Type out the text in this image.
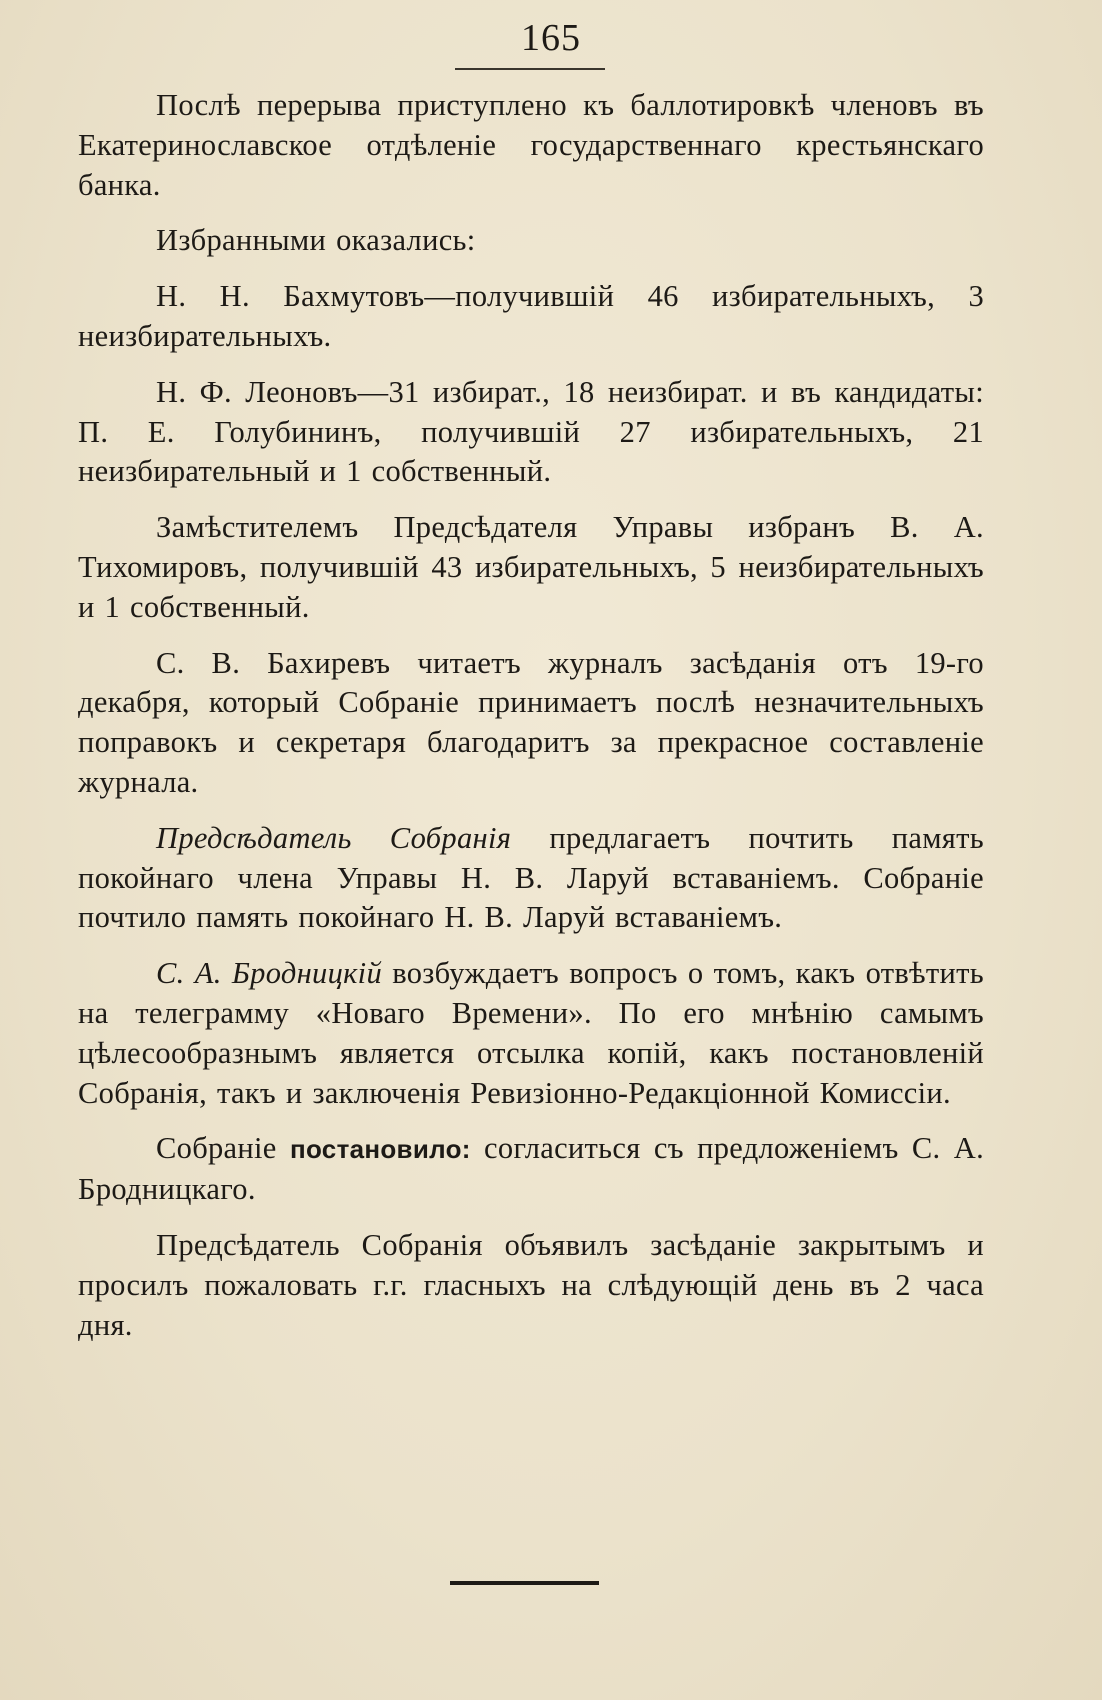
165

Послѣ перерыва приступлено къ баллотировкѣ членовъ въ Екатеринославское отдѣленіе государственнаго крестьянскаго банка.

Избранными оказались:

Н. Н. Бахмутовъ—получившій 46 избирательныхъ, 3 неизбирательныхъ.

Н. Ф. Леоновъ—31 избират., 18 неизбират. и въ кандидаты: П. Е. Голубининъ, получившій 27 избирательныхъ, 21 неизбирательный и 1 собственный.

Замѣстителемъ Предсѣдателя Управы избранъ В. А. Тихомировъ, получившій 43 избирательныхъ, 5 неизбирательныхъ и 1 собственный.

С. В. Бахиревъ читаетъ журналъ засѣданія отъ 19-го декабря, который Собраніе принимаетъ послѣ незначительныхъ поправокъ и секретаря благодаритъ за прекрасное составленіе журнала.

Предсѣдатель Собранія предлагаетъ почтить память покойнаго члена Управы Н. В. Ларуй вставаніемъ. Собраніе почтило память покойнаго Н. В. Ларуй вставаніемъ.

С. А. Бродницкій возбуждаетъ вопросъ о томъ, какъ отвѣтить на телеграмму «Новаго Времени». По его мнѣнію самымъ цѣлесообразнымъ является отсылка копій, какъ постановленій Собранія, такъ и заключенія Ревизіонно-Редакціонной Комиссіи.

Собраніе постановило: согласиться съ предложеніемъ С. А. Бродницкаго.

Предсѣдатель Собранія объявилъ засѣданіе закрытымъ и просилъ пожаловать г.г. гласныхъ на слѣдующій день въ 2 часа дня.
